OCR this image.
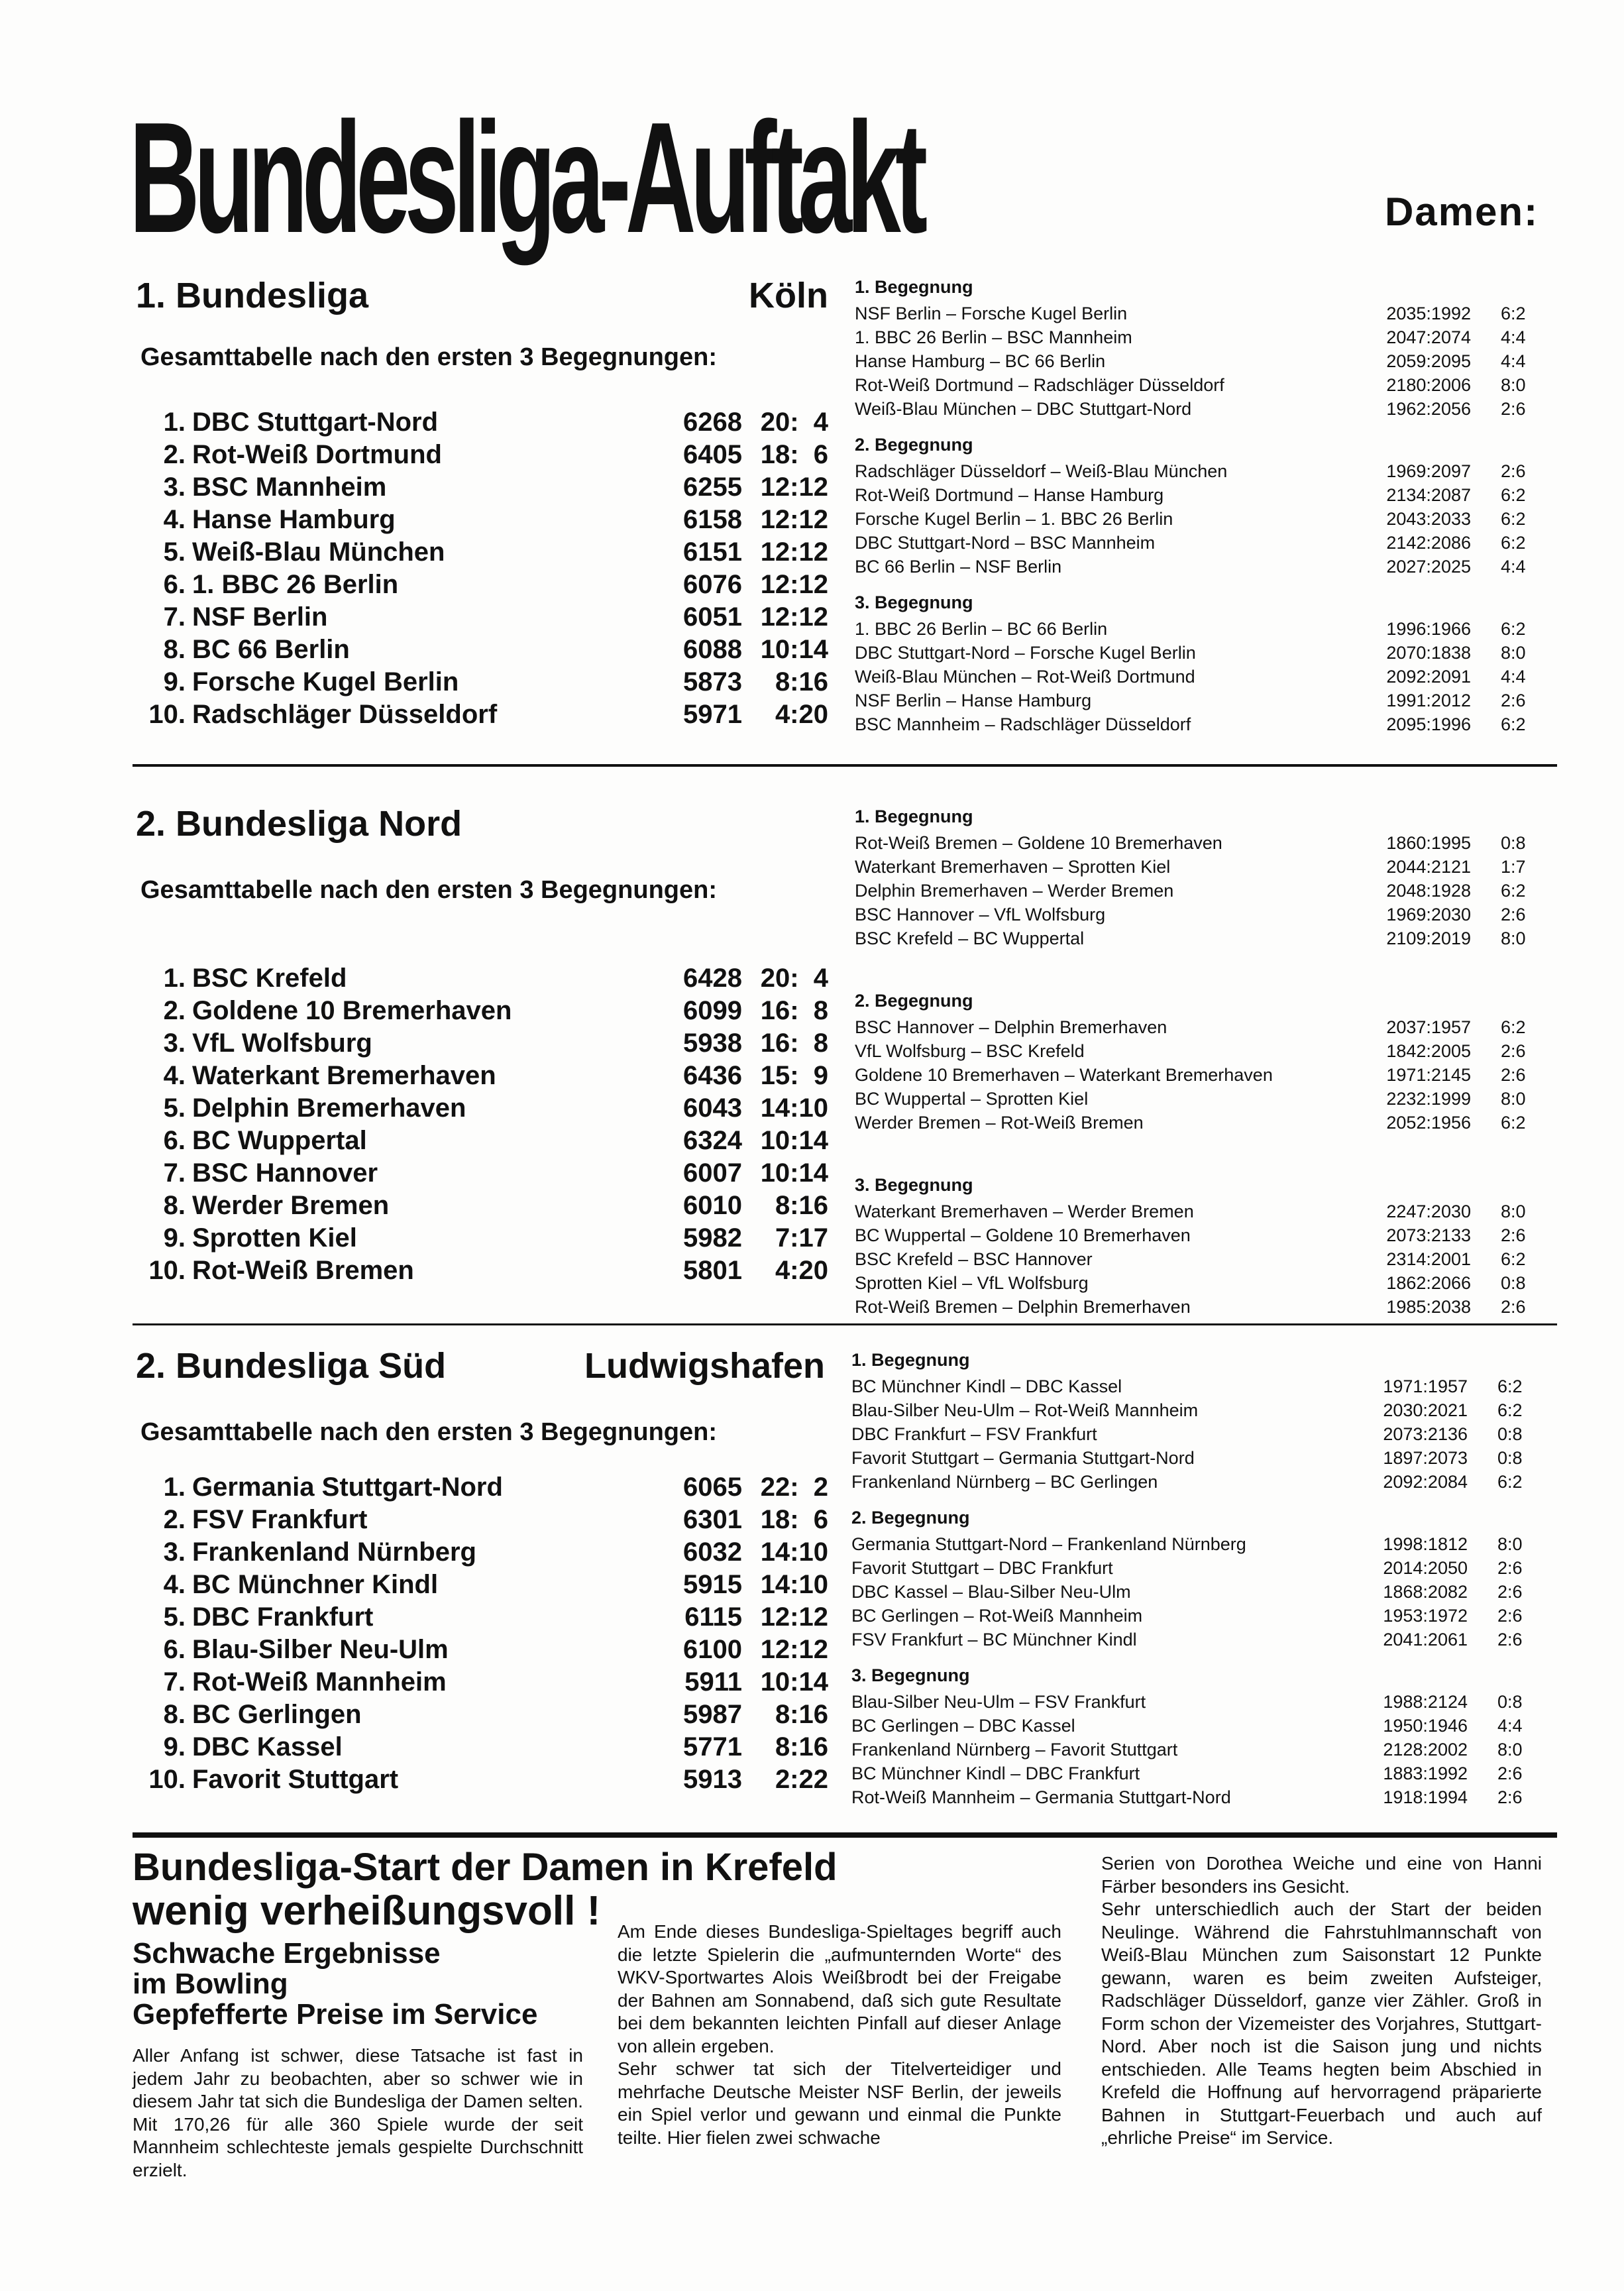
Bundesliga-Auftakt	Damen:
1. Bundesliga	Köln
Gesamttabelle nach den ersten 3 Begegnungen:
1. DBC Stuttgart-Nord	6268 20:  4
2. Rot-Weiß Dortmund	6405 18:  6
3. BSC Mannheim	6255 12:12
4. Hanse Hamburg	6158 12:12
5. Weiß-Blau München	6151 12:12
6. 1. BBC 26 Berlin	6076 12:12
7. NSF Berlin	6051 12:12
8. BC 66 Berlin	6088 10:14
9. Forsche Kugel Berlin	5873	8:16
10. Radschläger Düsseldorf	5971	4:20
1. Begegnung
NSF Berlin – Forsche Kugel Berlin	2035:1992 6:2
1. BBC 26 Berlin – BSC Mannheim	2047:2074 4:4
Hanse Hamburg – BC 66 Berlin	2059:2095 4:4
Rot-Weiß Dortmund – Radschläger Düsseldorf	2180:2006 8:0
Weiß-Blau München – DBC Stuttgart-Nord	1962:2056 2:6
2. Begegnung
Radschläger Düsseldorf – Weiß-Blau München	1969:2097 2:6
Rot-Weiß Dortmund – Hanse Hamburg	2134:2087 6:2
Forsche Kugel Berlin – 1. BBC 26 Berlin	2043:2033 6:2
DBC Stuttgart-Nord – BSC Mannheim	2142:2086 6:2
BC 66 Berlin – NSF Berlin	2027:2025 4:4
3. Begegnung
1. BBC 26 Berlin – BC 66 Berlin	1996:1966 6:2
DBC Stuttgart-Nord – Forsche Kugel Berlin	2070:1838 8:0
Weiß-Blau München – Rot-Weiß Dortmund	2092:2091 4:4
NSF Berlin – Hanse Hamburg	1991:2012 2:6
BSC Mannheim – Radschläger Düsseldorf	2095:1996 6:2
2. Bundesliga Nord
Gesamttabelle nach den ersten 3 Begegnungen:
1. BSC Krefeld	6428 20:  4
2. Goldene 10 Bremerhaven	6099 16:  8
3. VfL Wolfsburg	5938 16:  8
4. Waterkant Bremerhaven	6436 15:  9
5. Delphin Bremerhaven	6043 14:10
6. BC Wuppertal	6324 10:14
7. BSC Hannover	6007 10:14
8. Werder Bremen	6010	8:16
9. Sprotten Kiel	5982	7:17
10. Rot-Weiß Bremen	5801	4:20
1. Begegnung
Rot-Weiß Bremen – Goldene 10 Bremerhaven	1860:1995 0:8
Waterkant Bremerhaven – Sprotten Kiel	2044:2121 1:7
Delphin Bremerhaven – Werder Bremen	2048:1928 6:2
BSC Hannover – VfL Wolfsburg	1969:2030 2:6
BSC Krefeld – BC Wuppertal	2109:2019 8:0
2. Begegnung
BSC Hannover – Delphin Bremerhaven	2037:1957 6:2
VfL Wolfsburg – BSC Krefeld	1842:2005 2:6
Goldene 10 Bremerhaven – Waterkant Bremerhaven	1971:2145 2:6
BC Wuppertal – Sprotten Kiel	2232:1999 8:0
Werder Bremen – Rot-Weiß Bremen	2052:1956 6:2
3. Begegnung
Waterkant Bremerhaven – Werder Bremen	2247:2030 8:0
BC Wuppertal – Goldene 10 Bremerhaven	2073:2133 2:6
BSC Krefeld – BSC Hannover	2314:2001 6:2
Sprotten Kiel – VfL Wolfsburg	1862:2066 0:8
Rot-Weiß Bremen – Delphin Bremerhaven	1985:2038 2:6
2. Bundesliga Süd	Ludwigshafen
Gesamttabelle nach den ersten 3 Begegnungen:
1. Germania Stuttgart-Nord	6065 22:  2
2. FSV Frankfurt	6301 18:  6
3. Frankenland Nürnberg	6032 14:10
4. BC Münchner Kindl	5915 14:10
5. DBC Frankfurt	6115 12:12
6. Blau-Silber Neu-Ulm	6100 12:12
7. Rot-Weiß Mannheim	5911 10:14
8. BC Gerlingen	5987	8:16
9. DBC Kassel	5771	8:16
10. Favorit Stuttgart	5913	2:22
1. Begegnung
BC Münchner Kindl – DBC Kassel	1971:1957 6:2
Blau-Silber Neu-Ulm – Rot-Weiß Mannheim	2030:2021 6:2
DBC Frankfurt – FSV Frankfurt	2073:2136 0:8
Favorit Stuttgart – Germania Stuttgart-Nord	1897:2073 0:8
Frankenland Nürnberg – BC Gerlingen	2092:2084 6:2
2. Begegnung
Germania Stuttgart-Nord – Frankenland Nürnberg	1998:1812 8:0
Favorit Stuttgart – DBC Frankfurt	2014:2050 2:6
DBC Kassel – Blau-Silber Neu-Ulm	1868:2082 2:6
BC Gerlingen – Rot-Weiß Mannheim	1953:1972 2:6
FSV Frankfurt – BC Münchner Kindl	2041:2061 2:6
3. Begegnung
Blau-Silber Neu-Ulm – FSV Frankfurt	1988:2124 0:8
BC Gerlingen – DBC Kassel	1950:1946 4:4
Frankenland Nürnberg – Favorit Stuttgart	2128:2002 8:0
BC Münchner Kindl – DBC Frankfurt	1883:1992 2:6
Rot-Weiß Mannheim – Germania Stuttgart-Nord	1918:1994 2:6
Bundesliga-Start der Damen in Krefeld
wenig verheißungsvoll !
Schwache Ergebnisse
im Bowling
Gepfefferte Preise im Service

Aller Anfang ist schwer, diese Tatsache ist fast in jedem Jahr zu beobachten, aber so schwer wie in diesem Jahr tat sich die Bundesliga der Damen selten. Mit 170,26 für alle 360 Spiele wurde der seit Mannheim schlechteste jemals gespielte Durchschnitt erzielt.

Am Ende dieses Bundesliga-Spieltages begriff auch die letzte Spielerin die „aufmunternden Worte“ des WKV-Sportwartes Alois Weißbrodt bei der Freigabe der Bahnen am Sonnabend, daß sich gute Resultate bei dem bekannten leichten Pinfall auf dieser Anlage von allein ergeben.

Sehr schwer tat sich der Titelverteidiger und mehrfache Deutsche Meister NSF Berlin, der jeweils ein Spiel verlor und gewann und einmal die Punkte teilte. Hier fielen zwei schwache

Serien von Dorothea Weiche und eine von Hanni Färber besonders ins Gesicht.

Sehr unterschiedlich auch der Start der beiden Neulinge. Während die Fahrstuhlmannschaft von Weiß-Blau München zum Saisonstart 12 Punkte gewann, waren es beim zweiten Aufsteiger, Radschläger Düsseldorf, ganze vier Zähler. Groß in Form schon der Vizemeister des Vorjahres, Stuttgart-Nord. Aber noch ist die Saison jung und nichts entschieden. Alle Teams hegten beim Abschied in Krefeld die Hoffnung auf hervorragend präparierte Bahnen in Stuttgart-Feuerbach und auch auf „ehrliche Preise“ im Service.
